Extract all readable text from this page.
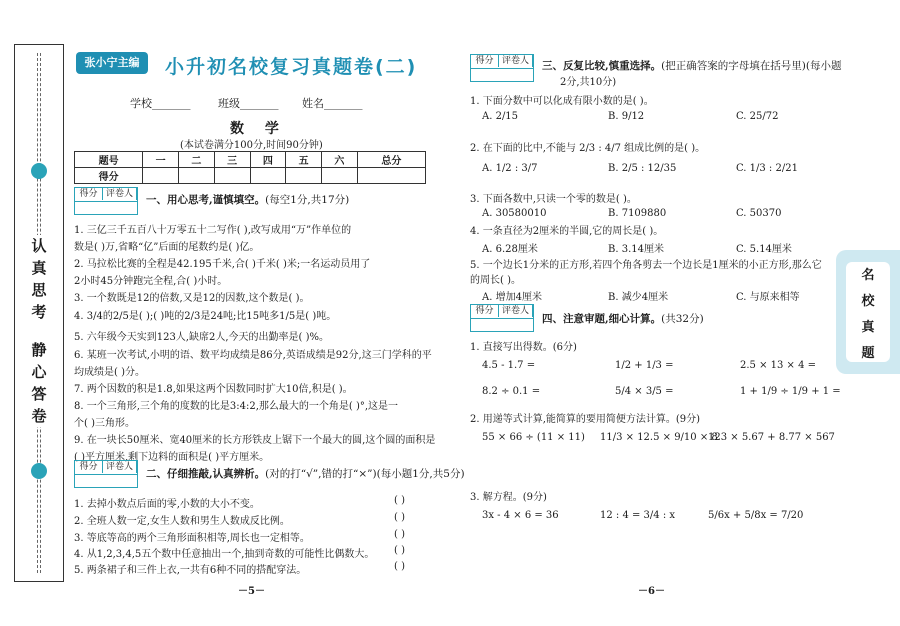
认
真
思
考
静
心
答
卷
张小宁主编	小升初名校复习真题卷(二)
学校_______	班级_______ 姓名_______
数 学
(本试卷满分100分,时间90分钟)
题号	一	二	三	四	五	六	总分
得分							
得分 评卷人	一、用心思考,谨慎填空。(每空1分,共17分)
1. 三亿三千五百八十万零五十二写作( ),改写成用“万”作单位的
数是( )万,省略“亿”后面的尾数约是( )亿。
2. 马拉松比赛的全程是42.195千米,合( )千米( )米;一名运动员用了
2小时45分钟跑完全程,合( )小时。
3. 一个数既是12的倍数,又是12的因数,这个数是( )。
4. 3/4的2/5是( );( )吨的2/3是24吨;比15吨多1/5是( )吨。
5. 六年级今天实到123人,缺席2人,今天的出勤率是( )%。
6. 某班一次考试,小明的语、数平均成绩是86分,英语成绩是92分,这三门学科的平
均成绩是( )分。
7. 两个因数的积是1.8,如果这两个因数同时扩大10倍,积是( )。
8. 一个三角形,三个角的度数的比是3:4:2,那么最大的一个角是( )°,这是一
个( )三角形。
9. 在一块长50厘米、宽40厘米的长方形铁皮上锯下一个最大的圆,这个圆的面积是
( )平方厘米,剩下边料的面积是( )平方厘米。
得分 评卷人
二、仔细推敲,认真辨析。(对的打“√”,错的打“×”)(每小题1分,共5分)
1. 去掉小数点后面的零,小数的大小不变。
2. 全班人数一定,女生人数和男生人数成反比例。
3. 等底等高的两个三角形面积相等,周长也一定相等。
4. 从1,2,3,4,5五个数中任意抽出一个,抽到奇数的可能性比偶数大。
5. 两条裙子和三件上衣,一共有6种不同的搭配穿法。
( )
( )
( )
( )
( )
－5－
得分 评卷人	三、反复比较,慎重选择。(把正确答案的字母填在括号里)(每小题
2分,共10分)
1. 下面分数中可以化成有限小数的是( )。
A. 2/15	B. 9/12	C. 25/72
2. 在下面的比中,不能与 2/3 : 4/7 组成比例的是( )。
A. 1/2 : 3/7	B. 2/5 : 12/35	C. 1/3 : 2/21
3. 下面各数中,只读一个零的数是( )。
A. 30580010	B. 7109880	C. 50370
4. 一条直径为2厘米的半圆,它的周长是( )。
A. 6.28厘米	B. 3.14厘米	C. 5.14厘米
5. 一个边长1分米的正方形,若四个角各剪去一个边长是1厘米的小正方形,那么它
的周长( )。
A. 增加4厘米	B. 减少4厘米	C. 与原来相等
得分 评卷人
四、注意审题,细心计算。(共32分)
1. 直接写出得数。(6分)
4.5 - 1.7 =	1/2 + 1/3 =	2.5 × 13 × 4 =
8.2 ÷ 0.1 =	5/4 × 3/5 =	1 + 1/9 ÷ 1/9 + 1 =
2. 用递等式计算,能简算的要用简便方法计算。(9分)
55 × 66 ÷ (11 × 11) 11/3 × 12.5 × 9/10 × 8
123 × 5.67 + 8.77 × 567
3. 解方程。(9分)
3x - 4 × 6 = 36	12 : 4 = 3/4 : x	5/6x + 5/8x = 7/20
－6－
名
校
真
题
